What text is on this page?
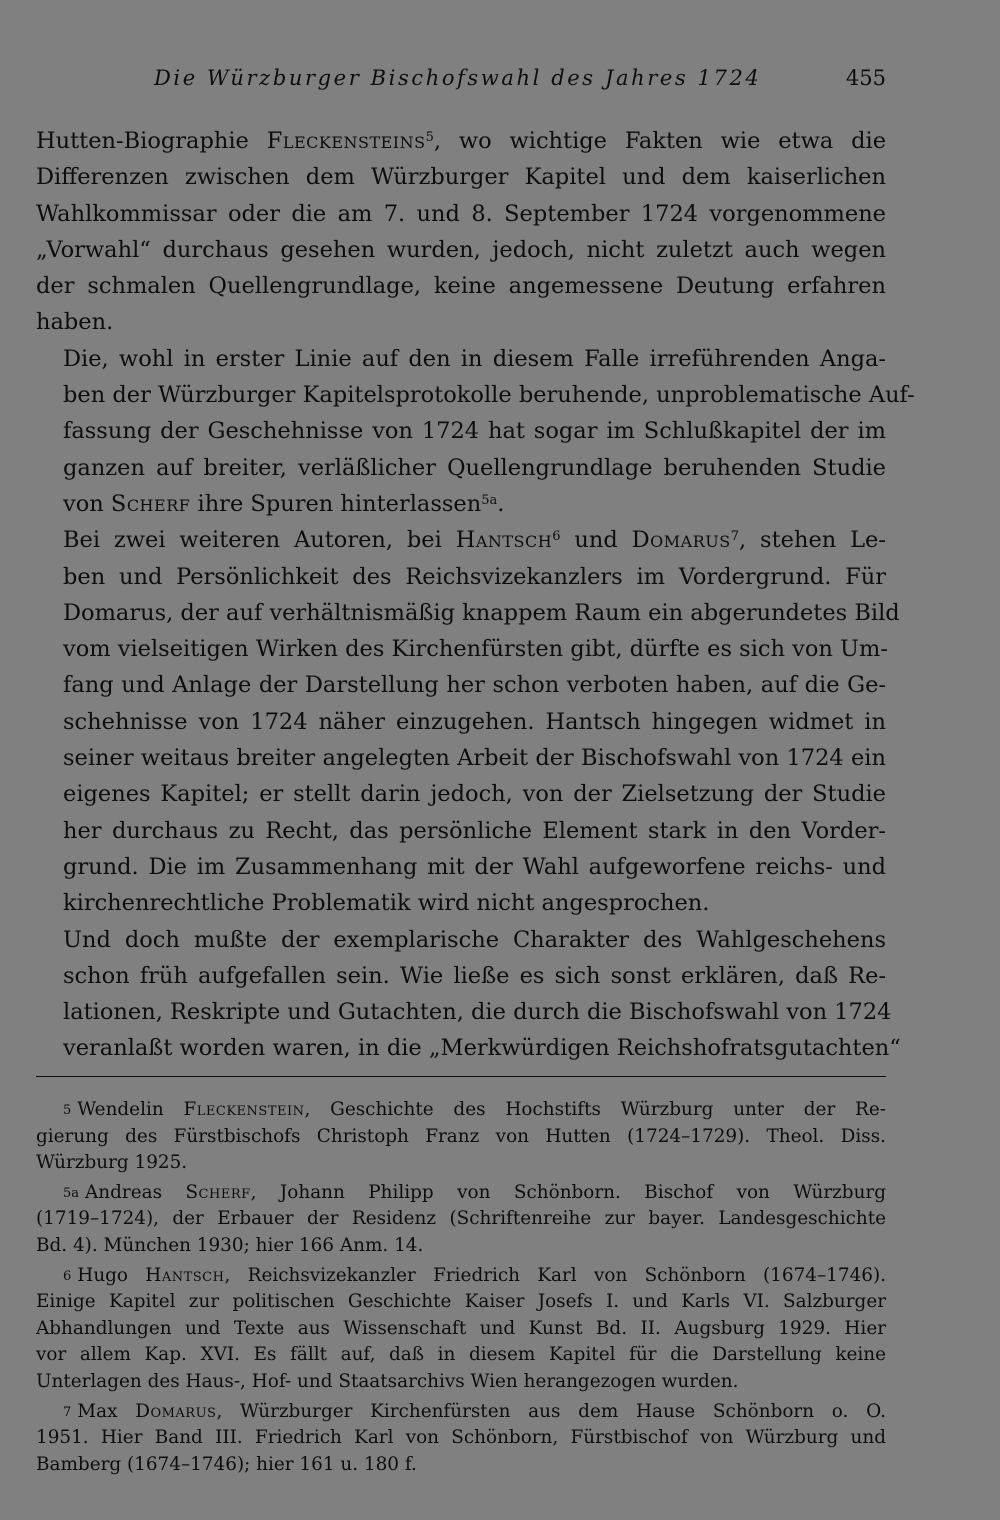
Die Würzburger Bischofswahl des Jahres 1724	455

Hutten-Biographie Fleckensteins$^5$, wo wichtige Fakten wie etwa die
Differenzen zwischen dem Würzburger Kapitel und dem kaiserlichen
Wahlkommissar oder die am 7. und 8. September 1724 vorgenommene
„Vorwahl“ durchaus gesehen wurden, jedoch, nicht zuletzt auch wegen
der schmalen Quellengrundlage, keine angemessene Deutung erfahren
haben.

Die, wohl in erster Linie auf den in diesem Falle irreführenden Anga-
ben der Würzburger Kapitelsprotokolle beruhende, unproblematische Auf-
fassung der Geschehnisse von 1724 hat sogar im Schlußkapitel der im
ganzen auf breiter, verläßlicher Quellengrundlage beruhenden Studie
von Scherf ihre Spuren hinterlassen$^{5a}$.

Bei zwei weiteren Autoren, bei Hantsch$^6$ und Domarus$^7$, stehen Le-
ben und Persönlichkeit des Reichsvizekanzlers im Vordergrund. Für
Domarus, der auf verhältnismäßig knappem Raum ein abgerundetes Bild
vom vielseitigen Wirken des Kirchenfürsten gibt, dürfte es sich von Um-
fang und Anlage der Darstellung her schon verboten haben, auf die Ge-
schehnisse von 1724 näher einzugehen. Hantsch hingegen widmet in
seiner weitaus breiter angelegten Arbeit der Bischofswahl von 1724 ein
eigenes Kapitel; er stellt darin jedoch, von der Zielsetzung der Studie
her durchaus zu Recht, das persönliche Element stark in den Vorder-
grund. Die im Zusammenhang mit der Wahl aufgeworfene reichs- und
kirchenrechtliche Problematik wird nicht angesprochen.

Und doch mußte der exemplarische Charakter des Wahlgeschehens
schon früh aufgefallen sein. Wie ließe es sich sonst erklären, daß Re-
lationen, Reskripte und Gutachten, die durch die Bischofswahl von 1724
veranlaßt worden waren, in die „Merkwürdigen Reichshofratsgutachten“

$^5$ Wendelin Fleckenstein, Geschichte des Hochstifts Würzburg unter der Re-
gierung des Fürstbischofs Christoph Franz von Hutten (1724–1729). Theol. Diss.
Würzburg 1925.
$^{5a}$ Andreas Scherf, Johann Philipp von Schönborn. Bischof von Würzburg
(1719–1724), der Erbauer der Residenz (Schriftenreihe zur bayer. Landesgeschichte
Bd. 4). München 1930; hier 166 Anm. 14.
$^6$ Hugo Hantsch, Reichsvizekanzler Friedrich Karl von Schönborn (1674–1746).
Einige Kapitel zur politischen Geschichte Kaiser Josefs I. und Karls VI. Salzburger
Abhandlungen und Texte aus Wissenschaft und Kunst Bd. II. Augsburg 1929. Hier
vor allem Kap. XVI. Es fällt auf, daß in diesem Kapitel für die Darstellung keine
Unterlagen des Haus-, Hof- und Staatsarchivs Wien herangezogen wurden.
$^7$ Max Domarus, Würzburger Kirchenfürsten aus dem Hause Schönborn o. O.
1951. Hier Band III. Friedrich Karl von Schönborn, Fürstbischof von Würzburg und
Bamberg (1674–1746); hier 161 u. 180 f.
